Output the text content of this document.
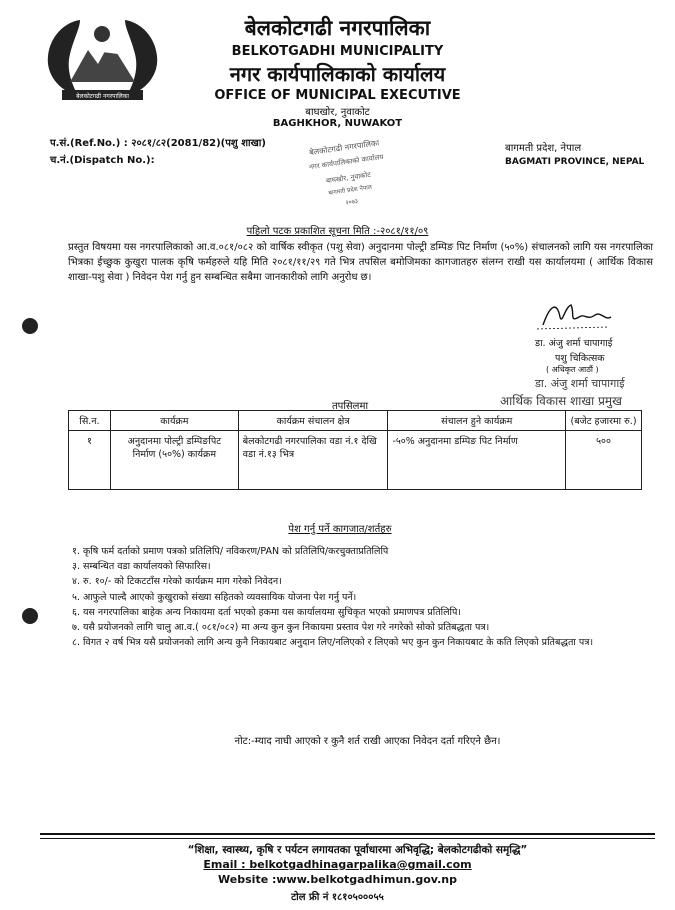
बेलकोटगढी नगरपालिका
बेलकोटगढी नगरपालिका
BELKOTGADHI MUNICIPALITY
नगर कार्यपालिकाको कार्यालय
OFFICE OF MUNICIPAL EXECUTIVE
बाघखोर, नुवाकोट
BAGHKHOR, NUWAKOT
प.सं.(Ref.No.) : २०८१/८२(2081/82)(पशु शाखा)
च.नं.(Dispatch No.):
बागमती प्रदेश, नेपाल
BAGMATI PROVINCE, NEPAL
बेलकोटगढी नगरपालिका
नगर कार्यपालिकाको कार्यालय
बाघखोर, नुवाकोट
बागमती प्रदेश नेपाल
२०७३
पहिलो पटक प्रकाशित सूचना मिति :-२०८१/११/०९
प्रस्तुत विषयमा यस नगरपालिकाको आ.व.०८१/०८२ को वार्षिक स्वीकृत (पशु सेवा) अनुदानमा पोल्ट्री डम्पिङ पिट निर्माण (५०%) संचालनको लागि यस नगरपालिका भित्रका ईच्छुक कुखुरा पालक कृषि फर्महरुले यहि मिति २०८१/११/२९ गते भित्र तपसिल बमोजिमका कागजातहरु संलग्न राखी यस कार्यालयमा ( आर्थिक विकास शाखा-पशु सेवा ) निवेदन पेश गर्नु हुन सम्बन्धित सबैमा जानकारीको लागि अनुरोध छ।
डा. अंजु शर्मा चापागाई
पशु चिकित्सक
( अधिकृत आठौं )
डा. अंजु शर्मा चापागाई
आर्थिक विकास शाखा प्रमुख
तपसिलमा
सि.न.	कार्यक्रम	कार्यक्रम संचालन क्षेत्र	संचालन हुने कार्यक्रम	(बजेट हजारमा रु.)
१	अनुदानमा पोल्ट्री डम्पिङपिट निर्माण (५०%) कार्यक्रम	बेलकोटगढी नगरपालिका वडा नं.१ देखि वडा नं.१३ भित्र	-५०% अनुदानमा डम्पिङ पिट निर्माण	५००
पेश गर्नु पर्ने कागजात/शर्तहरु
१. कृषि फर्म दर्ताको प्रमाण पत्रको प्रतिलिपि/ नविकरण/PAN को प्रतिलिपि/करचुक्ताप्रतिलिपि
३. सम्बन्धित वडा कार्यालयको सिफारिस।
४. रु. १०/- को टिकटटाँस गरेको कार्यक्रम माग गरेको निवेदन।
५. आफुले पाल्दै आएको कुखुराको संख्या सहितको व्यवसायिक योजना पेश गर्नु पर्ने।
६. यस नगरपालिका बाहेक अन्य निकायमा दर्ता भएको हकमा यस कार्यालयमा सुचिकृत भएको प्रमाणपत्र प्रतिलिपि।
७. यसै प्रयोजनको लागि चालु आ.व.( ०८१/०८२) मा अन्य कुन कुन निकायमा प्रस्ताव पेश गरे नगरेको सोको प्रतिबद्धता पत्र।
८. विगत २ वर्ष भित्र यसै प्रयोजनको लागि अन्य कुनै निकायबाट अनुदान लिए/नलिएको र लिएको भए कुन कुन निकायबाट के कति लिएको प्रतिबद्धता पत्र।
नोट:-म्याद नाघी आएको र कुनै शर्त राखी आएका निवेदन दर्ता गरिएने छैन।
“शिक्षा, स्वास्थ्य, कृषि र पर्यटन लगायतका पूर्वाधारमा अभिवृद्धि; बेलकोटगढीको समृद्धि”
Email : belkotgadhinagarpalika@gmail.com
Website :www.belkotgadhimun.gov.np
टोल फ्री नं १८१०५०००५५
